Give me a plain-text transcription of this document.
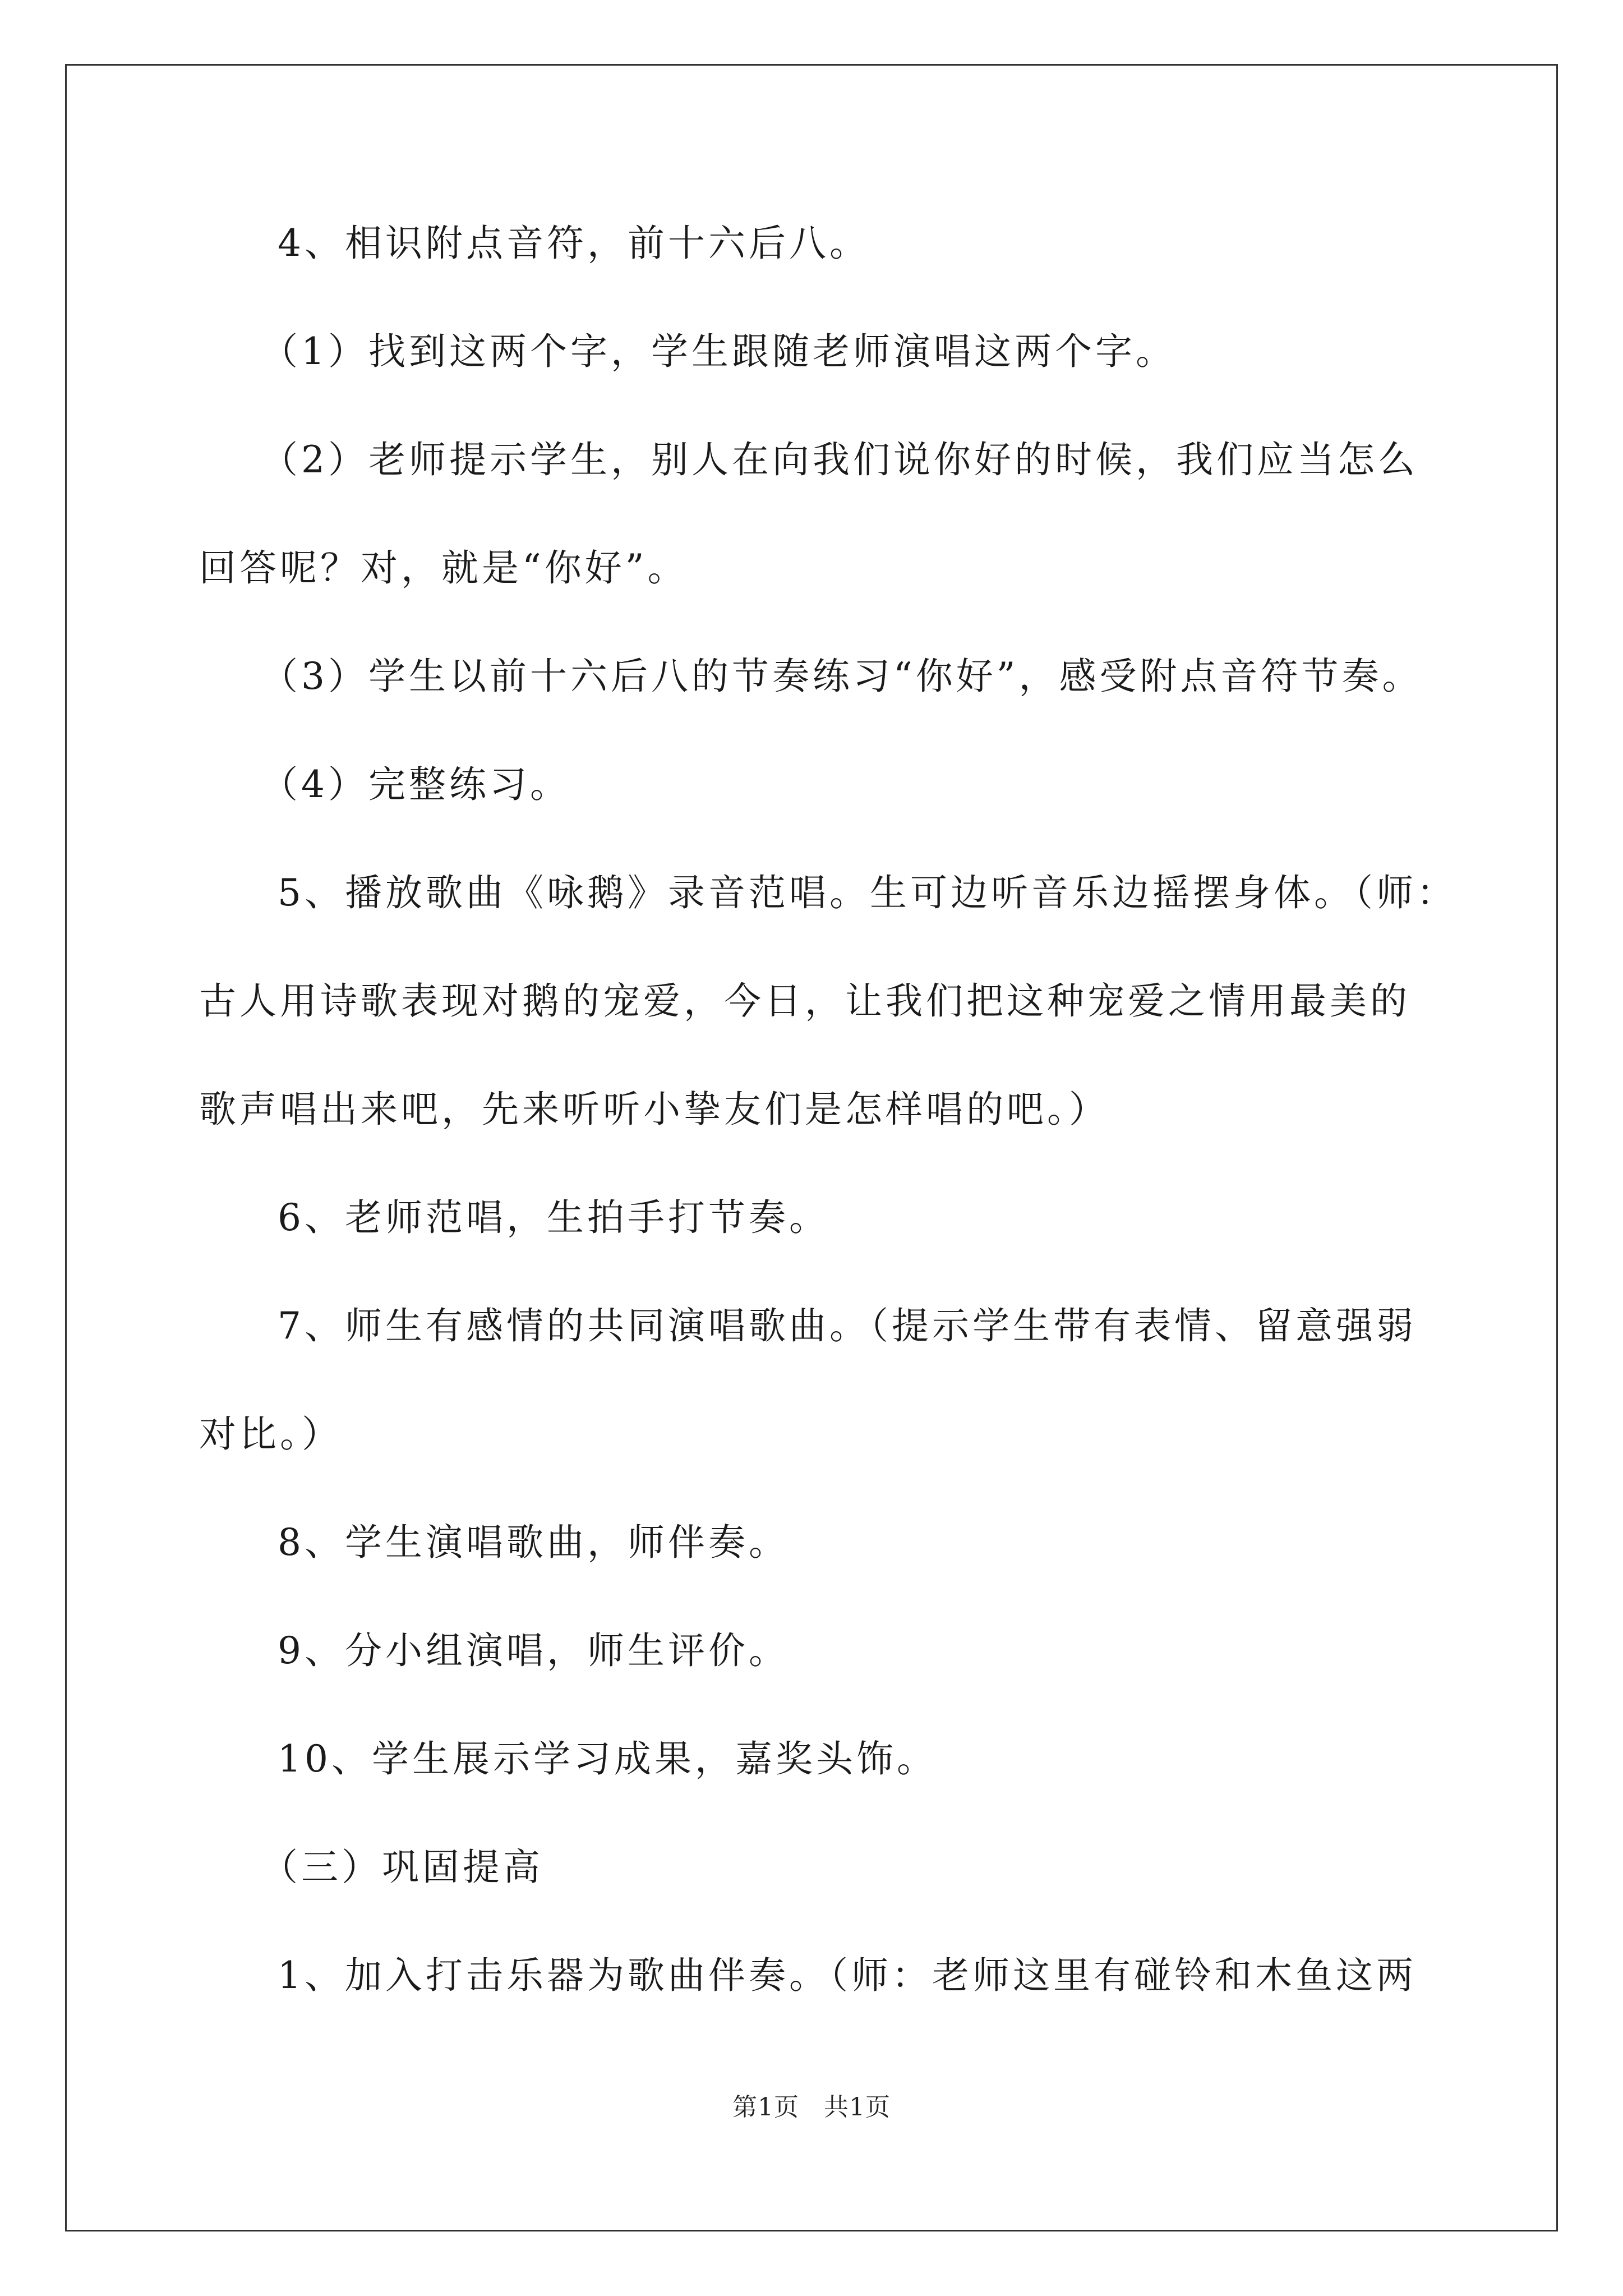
4、相识附点音符，前十六后八。
（1）找到这两个字，学生跟随老师演唱这两个字。
（2）老师提示学生，别人在向我们说你好的时候，我们应当怎么
回答呢？对，就是“你好”。
（3）学生以前十六后八的节奏练习“你好”，感受附点音符节奏。
（4）完整练习。
5、播放歌曲《咏鹅》录音范唱。生可边听音乐边摇摆身体。（师：
古人用诗歌表现对鹅的宠爱，今日，让我们把这种宠爱之情用最美的
歌声唱出来吧，先来听听小挚友们是怎样唱的吧。）
6、老师范唱，生拍手打节奏。
7、师生有感情的共同演唱歌曲。（提示学生带有表情、留意强弱
对比。）
8、学生演唱歌曲，师伴奏。
9、分小组演唱，师生评价。
10、学生展示学习成果，嘉奖头饰。
（三）巩固提高
1、加入打击乐器为歌曲伴奏。（师：老师这里有碰铃和木鱼这两
第1页 共1页
